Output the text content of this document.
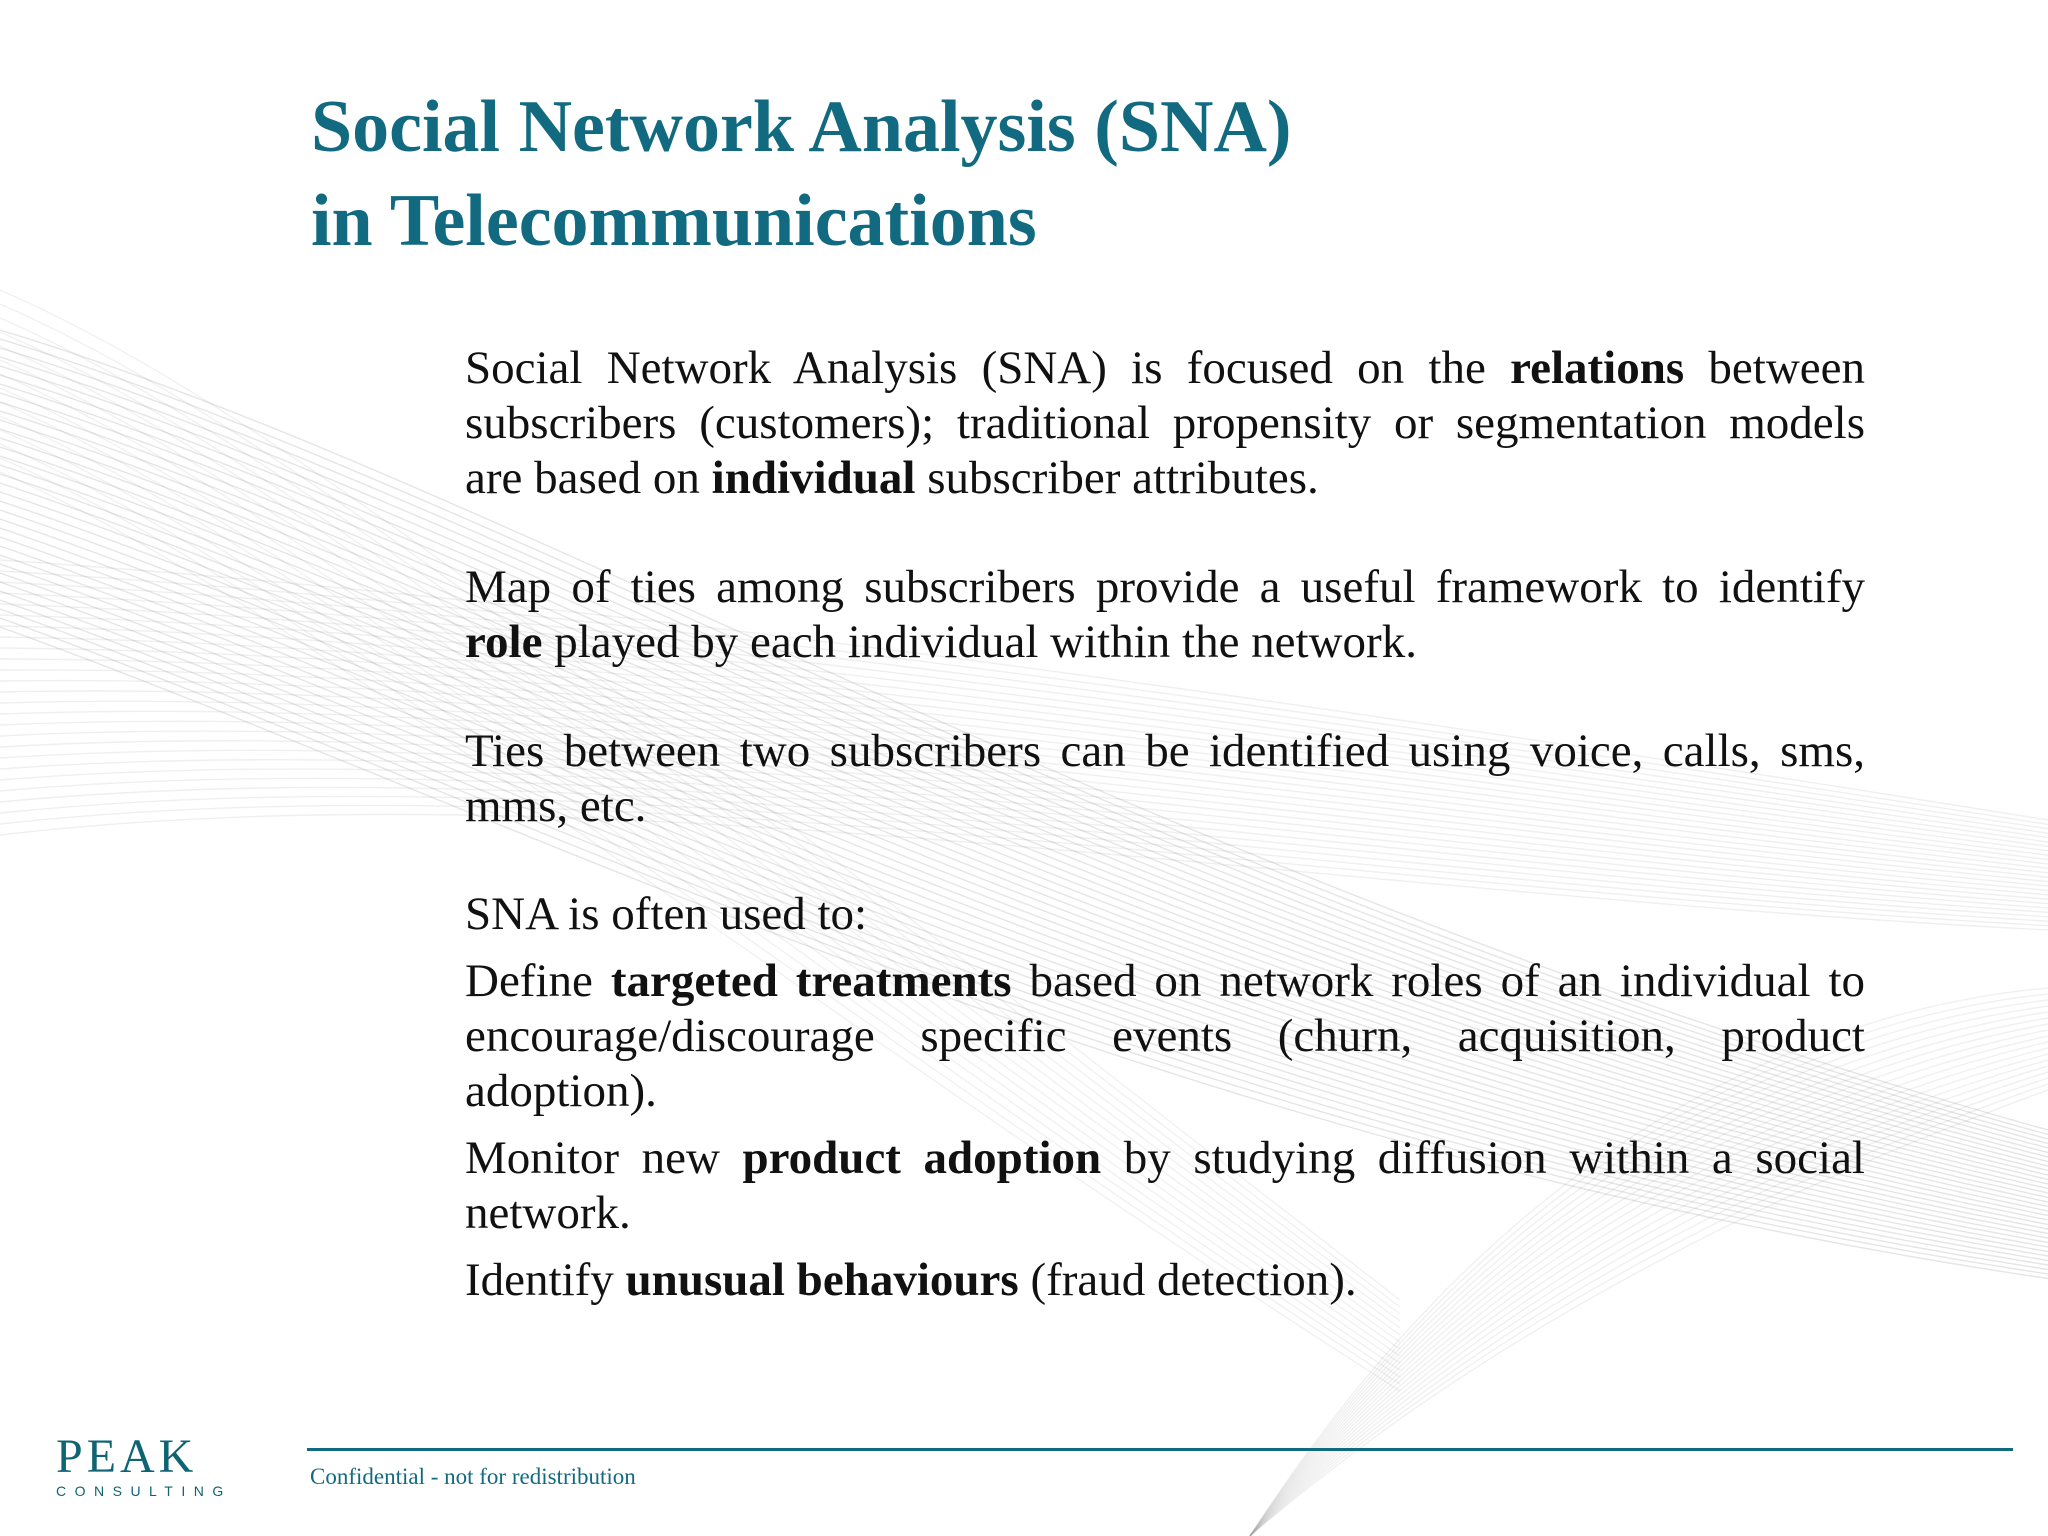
Social Network Analysis (SNA)
in Telecommunications

Social Network Analysis (SNA) is focused on the relations between subscribers (customers); traditional propensity or segmentation models are based on individual subscriber attributes.

Map of ties among subscribers provide a useful framework to identify role played by each individual within the network.

Ties between two subscribers can be identified using voice, calls, sms, mms, etc.

SNA is often used to:

Define targeted treatments based on network roles of an individual to encourage/discourage specific events (churn, acquisition, product adoption).

Monitor new product adoption by studying diffusion within a social network.

Identify unusual behaviours (fraud detection).

PEAK
CONSULTING
Confidential - not for redistribution
